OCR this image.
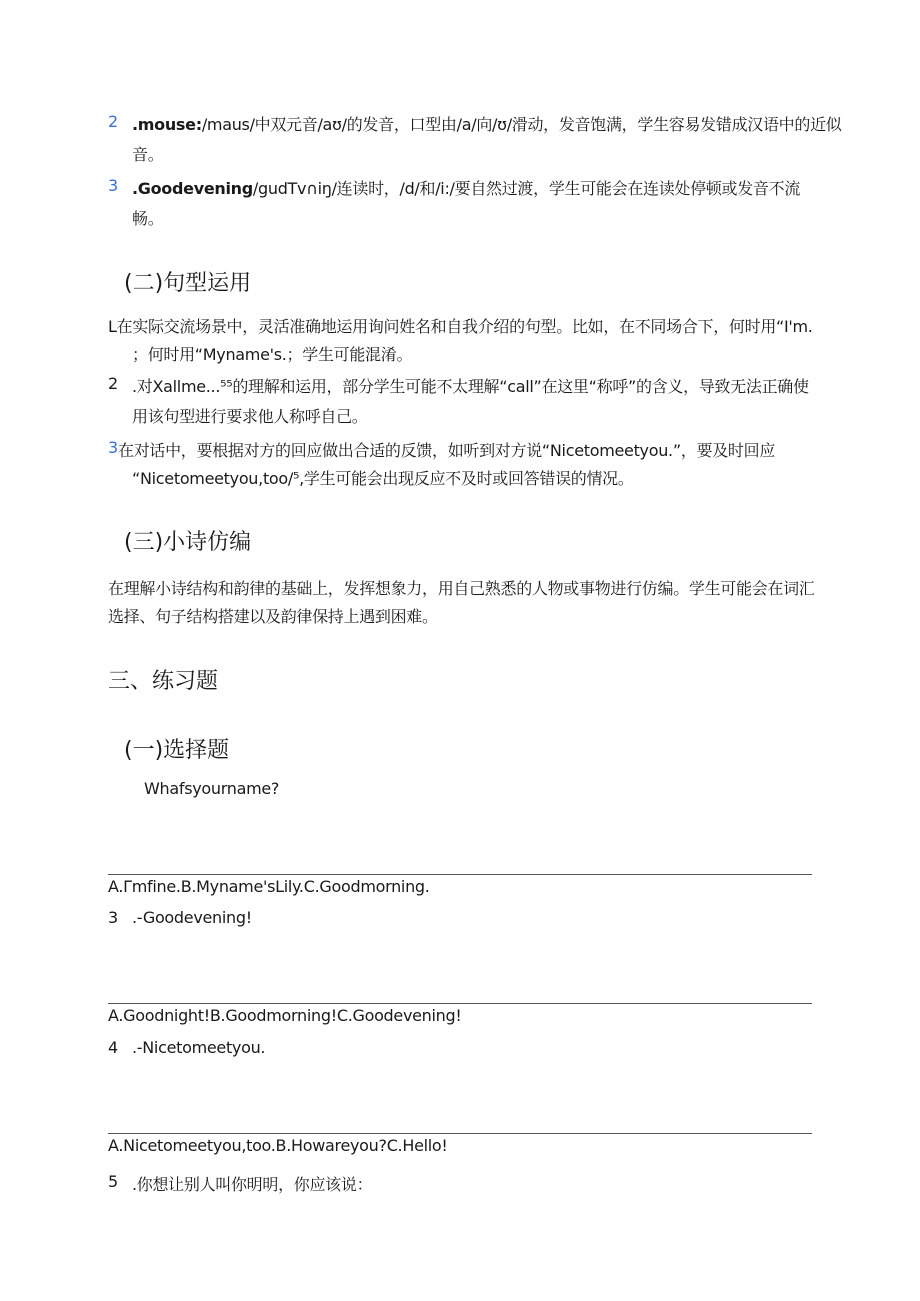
2 .mouse:/maus/中双元音/aʊ/的发音，口型由/a/向/ʊ/滑动，发音饱满，学生容易发错成汉语中的近似
音。
3 .Goodevening/gudTv∩iŋ/连读时，/d/和/i:/要自然过渡，学生可能会在连读处停顿或发音不流
畅。
(二)句型运用
L在实际交流场景中，灵活准确地运用询问姓名和自我介绍的句型。比如，在不同场合下，何时用“I'm.
；何时用“Myname's.；学生可能混淆。
2 .对Xallme...⁵⁵的理解和运用，部分学生可能不太理解“call”在这里“称呼”的含义，导致无法正确使
用该句型进行要求他人称呼自己。
3 在对话中，要根据对方的回应做出合适的反馈，如听到对方说“Nicetomeetyou.”，要及时回应
“Nicetomeetyou,too/⁵,学生可能会出现反应不及时或回答错误的情况。
(三)小诗仿编
在理解小诗结构和韵律的基础上，发挥想象力，用自己熟悉的人物或事物进行仿编。学生可能会在词汇
选择、句子结构搭建以及韵律保持上遇到困难。
三、练习题
(一)选择题
Whafsyourname?
A.Γmfine.B.Myname'sLily.C.Goodmorning.
3 .-Goodevening!
A.Goodnight!B.Goodmorning!C.Goodevening!
4 .-Nicetomeetyou.
A.Nicetomeetyou,too.B.Howareyou?C.Hello!
5 .你想让别人叫你明明，你应该说：
